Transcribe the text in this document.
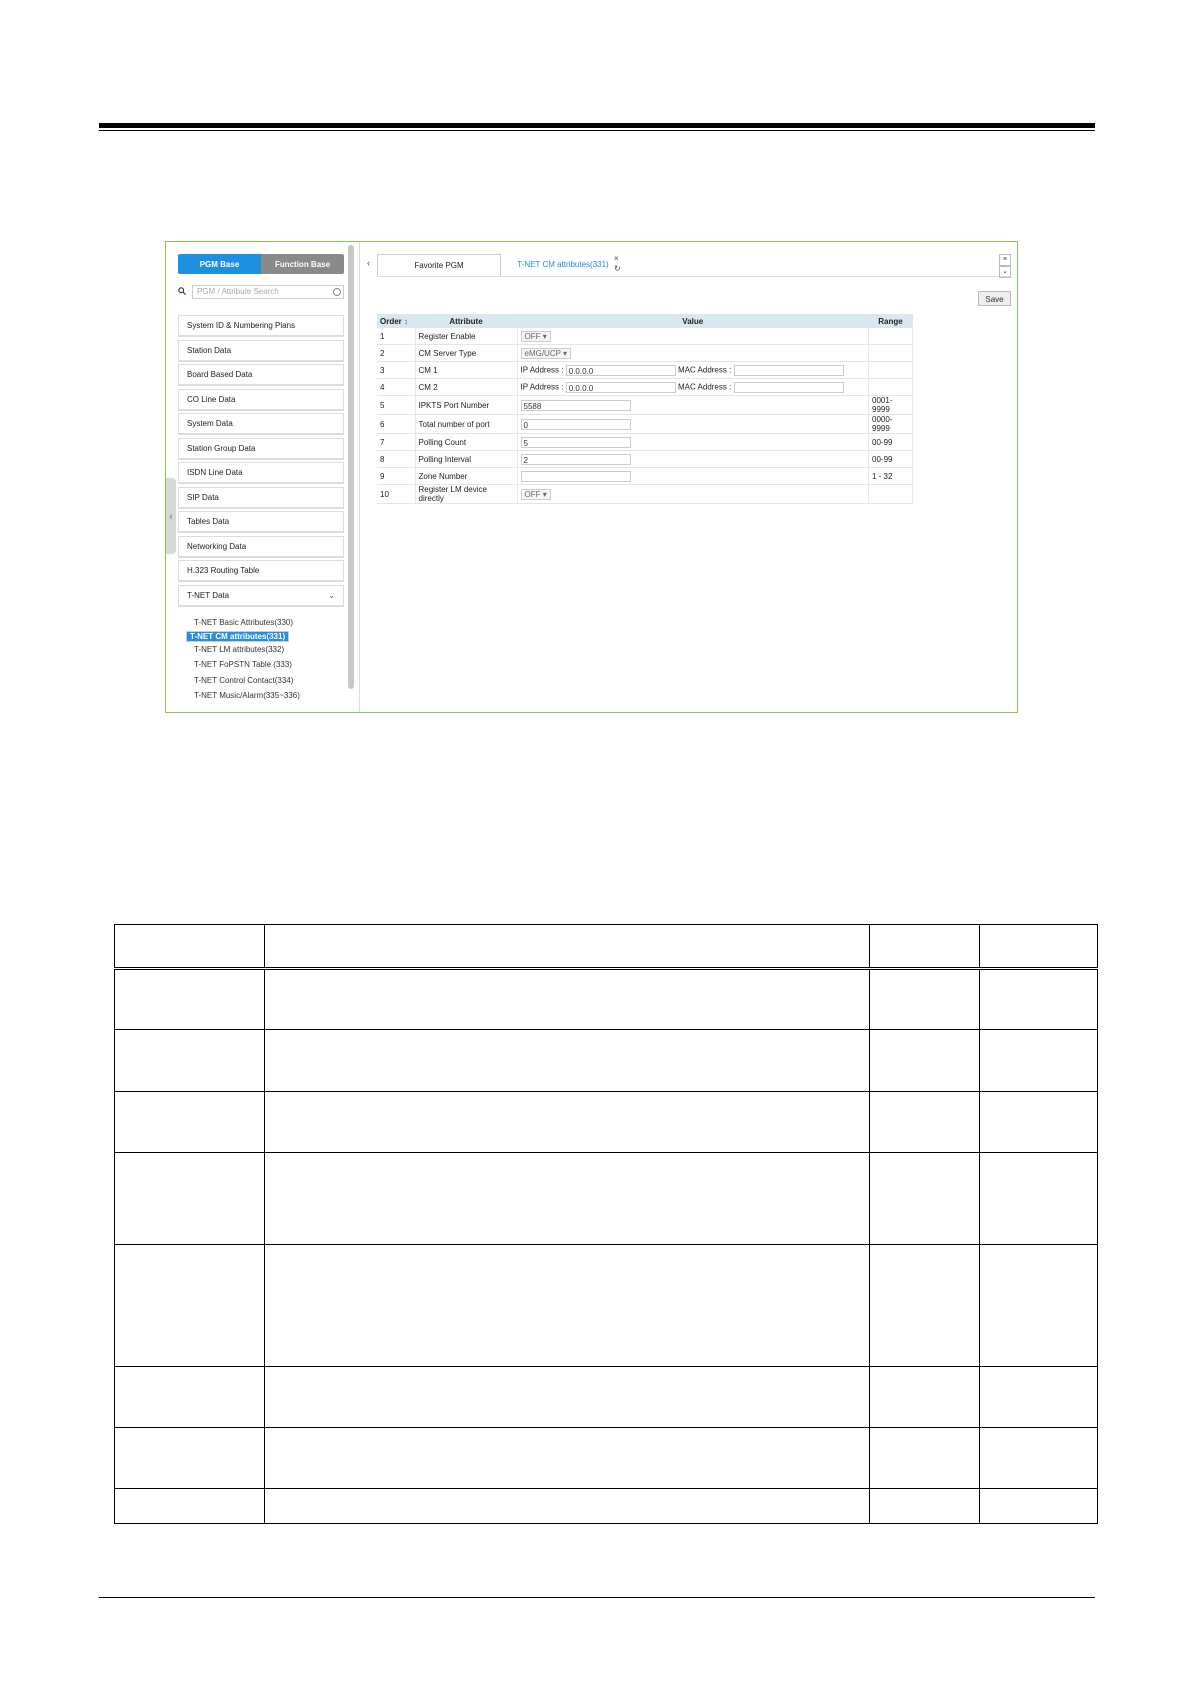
PGM Base	Function Base
PGM / Attribute Search
System ID & Numbering Plans
Station Data
Board Based Data
CO Line Data
System Data
Station Group Data
ISDN Line Data
SIP Data
Tables Data
Networking Data
H.323 Routing Table
T-NET Data	⌄
T-NET Basic Attributes(330)
T-NET CM attributes(331)
T-NET LM attributes(332)
T-NET FoPSTN Table (333)
T-NET Control Contact(334)
T-NET Music/Alarm(335~336)
‹
‹	Favorite PGM	T-NET CM attributes(331)
×
↻
×
⌄
Save
Order ↕	Attribute	Value	Range
1	Register Enable	OFF ▾	
2	CM Server Type	eMG/UCP ▾	
3	CM 1	IP Address : 0.0.0.0 MAC Address :	
4	CM 2	IP Address : 0.0.0.0 MAC Address :	
5	IPKTS Port Number	5588	0001-9999
6	Total number of port	0	0000-9999
7	Polling Count	5	00-99
8	Polling Interval	2	00-99
9	Zone Number		1 - 32
10	Register LM device directly	OFF ▾	
